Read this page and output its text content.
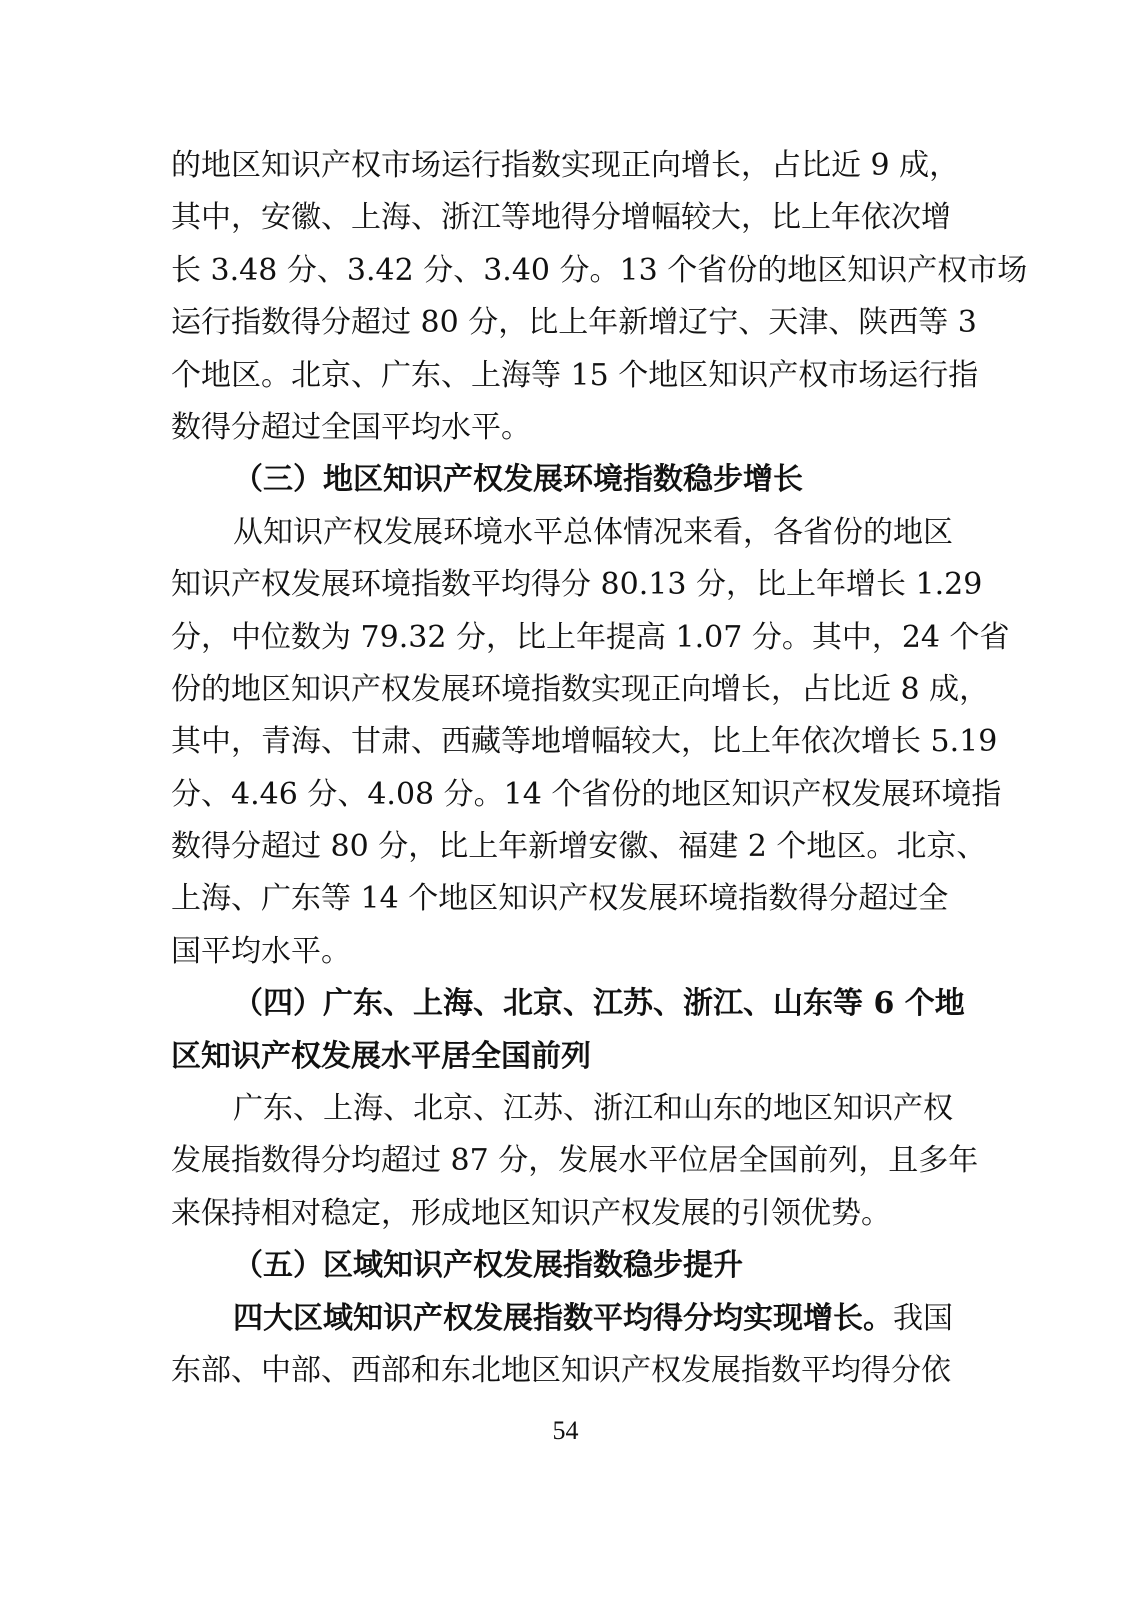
的地区知识产权市场运行指数实现正向增长，占比近 9 成，
其中，安徽、上海、浙江等地得分增幅较大，比上年依次增
长 3.48 分、3.42 分、3.40 分。13 个省份的地区知识产权市场
运行指数得分超过 80 分，比上年新增辽宁、天津、陕西等 3
个地区。北京、广东、上海等 15 个地区知识产权市场运行指
数得分超过全国平均水平。
（三）地区知识产权发展环境指数稳步增长
从知识产权发展环境水平总体情况来看，各省份的地区
知识产权发展环境指数平均得分 80.13 分，比上年增长 1.29
分，中位数为 79.32 分，比上年提高 1.07 分。其中，24 个省
份的地区知识产权发展环境指数实现正向增长，占比近 8 成，
其中，青海、甘肃、西藏等地增幅较大，比上年依次增长 5.19
分、4.46 分、4.08 分。14 个省份的地区知识产权发展环境指
数得分超过 80 分，比上年新增安徽、福建 2 个地区。北京、
上海、广东等 14 个地区知识产权发展环境指数得分超过全
国平均水平。
（四）广东、上海、北京、江苏、浙江、山东等 6 个地
区知识产权发展水平居全国前列
广东、上海、北京、江苏、浙江和山东的地区知识产权
发展指数得分均超过 87 分，发展水平位居全国前列，且多年
来保持相对稳定，形成地区知识产权发展的引领优势。
（五）区域知识产权发展指数稳步提升
四大区域知识产权发展指数平均得分均实现增长。我国
东部、中部、西部和东北地区知识产权发展指数平均得分依
54
